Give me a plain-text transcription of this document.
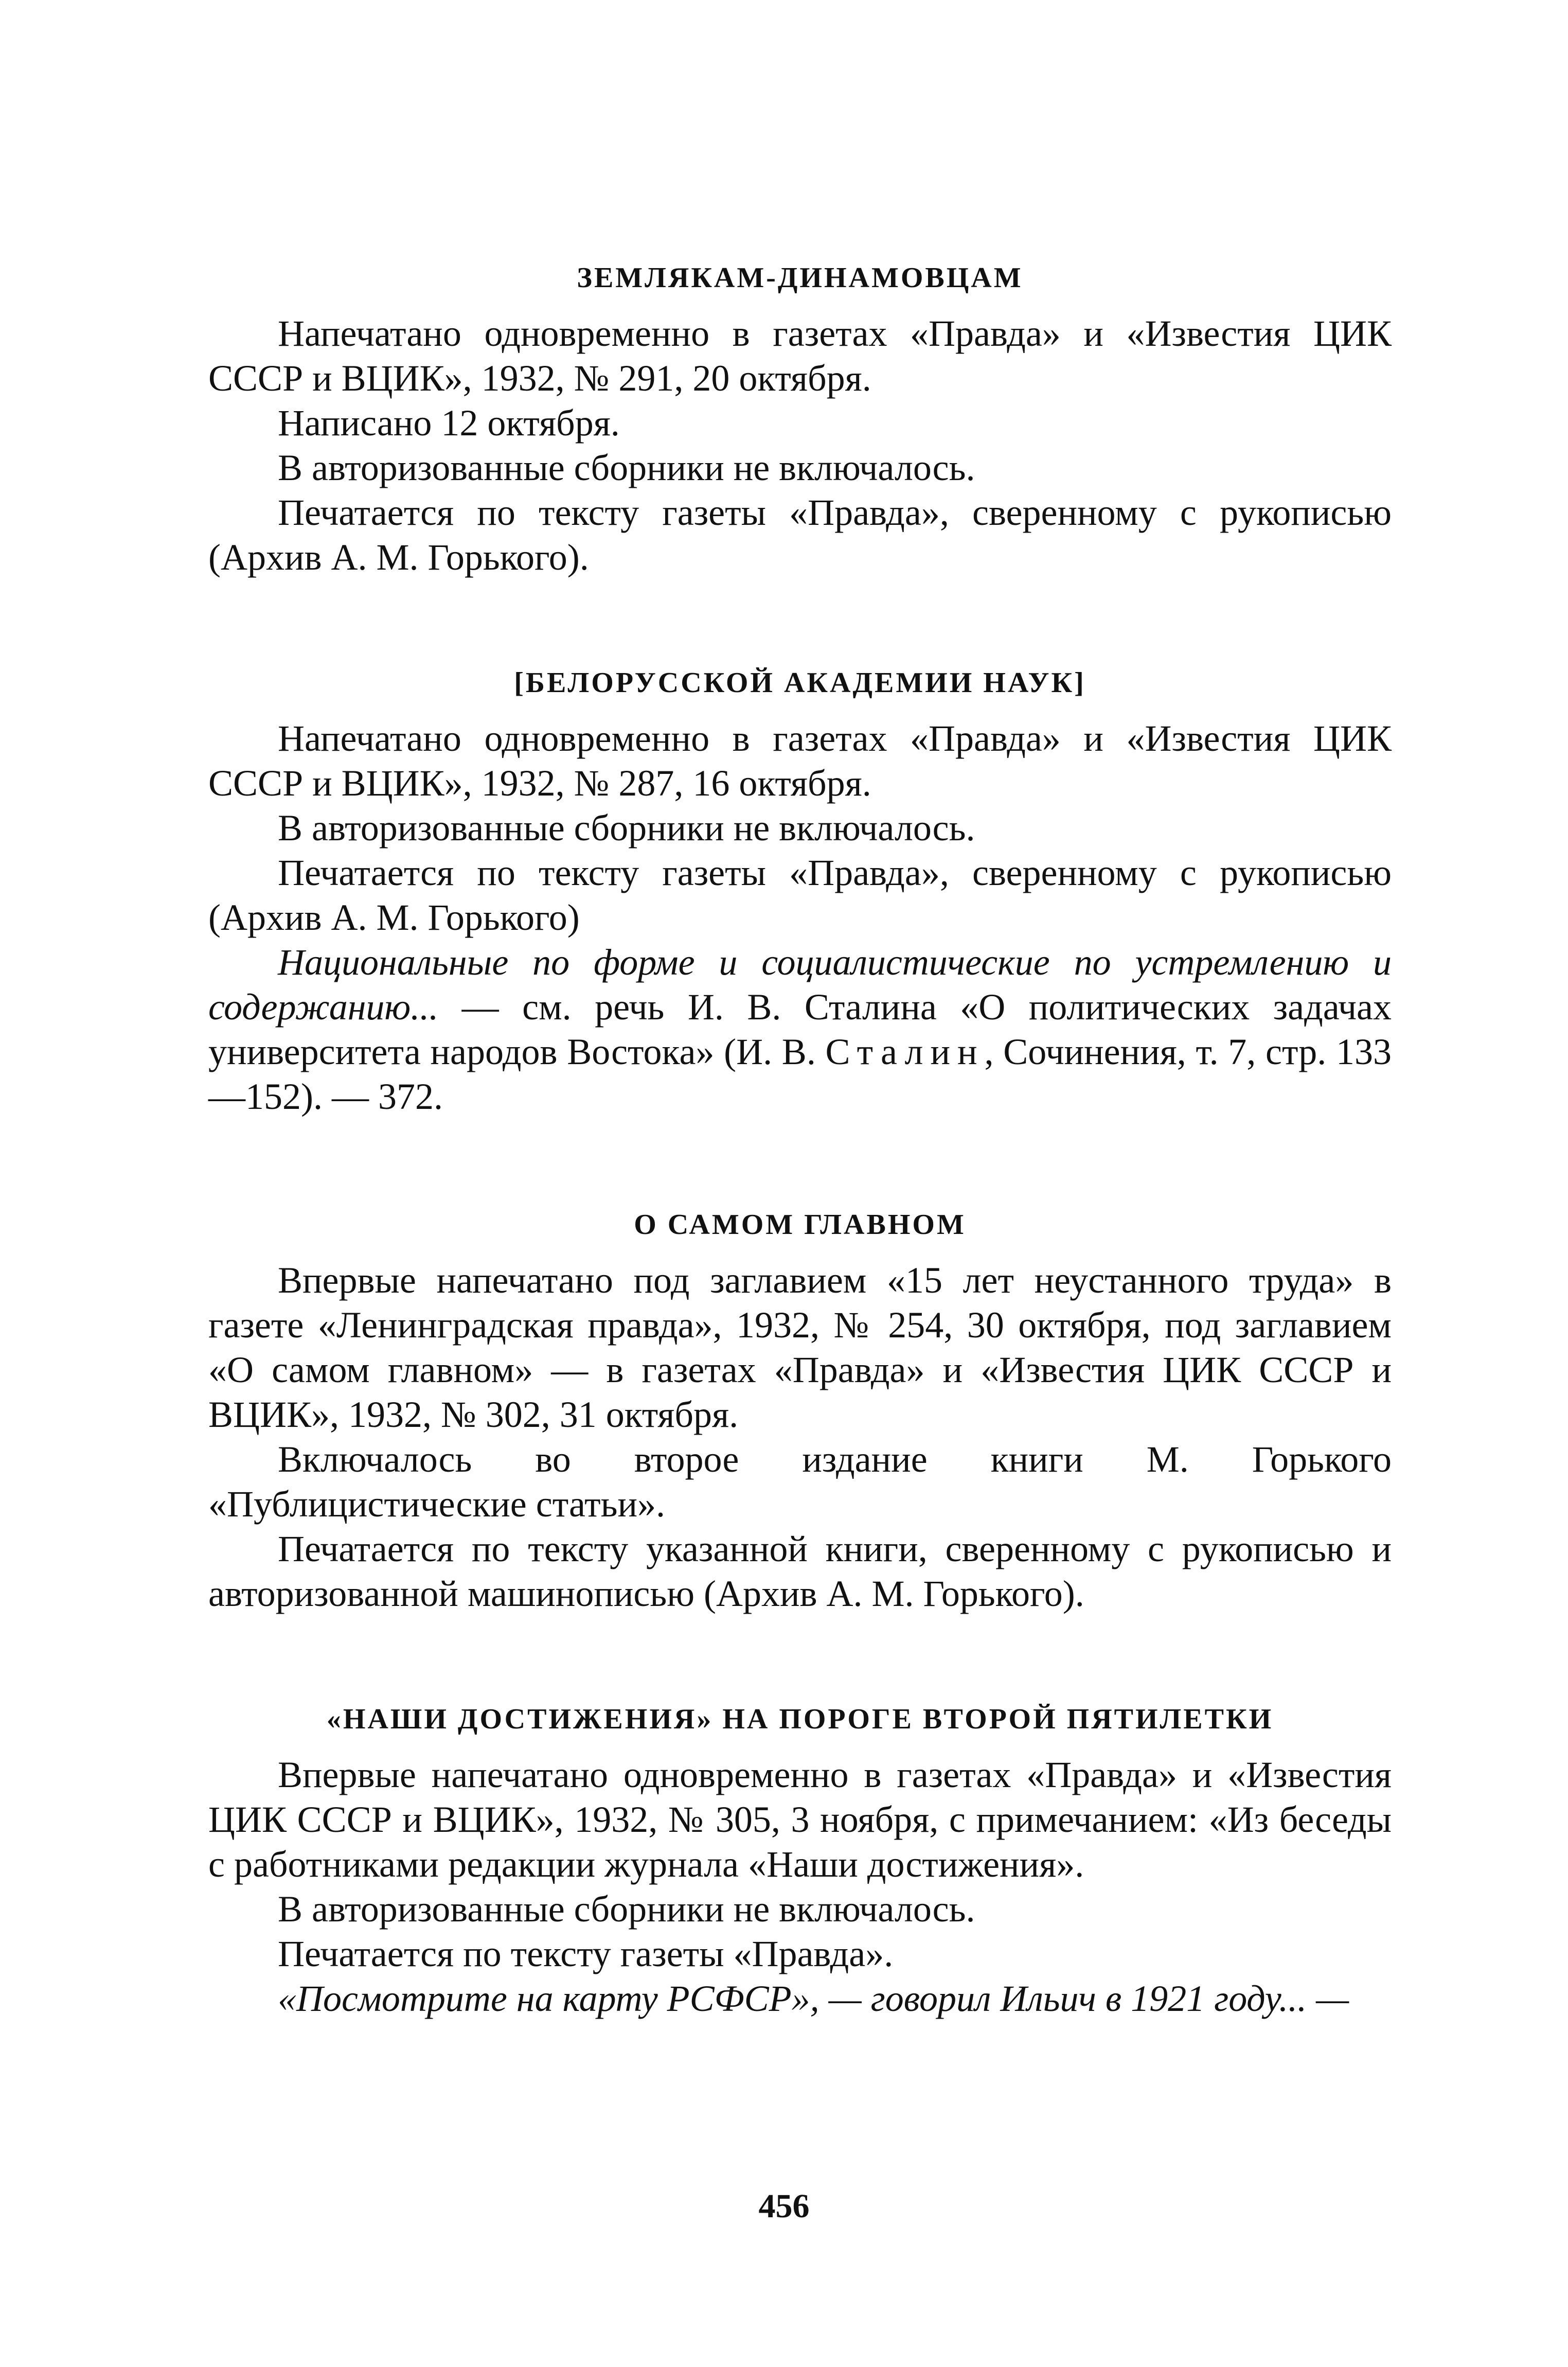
ЗЕМЛЯКАМ-ДИНАМОВЦАМ

Напечатано одновременно в газетах «Правда» и «Известия ЦИК СССР и ВЦИК», 1932, № 291, 20 октября.

Написано 12 октября.

В авторизованные сборники не включалось.

Печатается по тексту газеты «Правда», сверенному с рукописью (Архив А. М. Горького).

[БЕЛОРУССКОЙ АКАДЕМИИ НАУК]

Напечатано одновременно в газетах «Правда» и «Известия ЦИК СССР и ВЦИК», 1932, № 287, 16 октября.

В авторизованные сборники не включалось.

Печатается по тексту газеты «Правда», сверенному с рукописью (Архив А. М. Горького)

Национальные по форме и социалистические по устремлению и содержанию... — см. речь И. В. Сталина «О политических задачах университета народов Востока» (И. В. Сталин, Сочинения, т. 7, стр. 133—152). — 372.

О САМОМ ГЛАВНОМ

Впервые напечатано под заглавием «15 лет неустанного труда» в газете «Ленинградская правда», 1932, № 254, 30 октября, под заглавием «О самом главном» — в газетах «Правда» и «Известия ЦИК СССР и ВЦИК», 1932, № 302, 31 октября.

Включалось во второе издание книги М. Горького «Публицистические статьи».

Печатается по тексту указанной книги, сверенному с рукописью и авторизованной машинописью (Архив А. М. Горького).

«НАШИ ДОСТИЖЕНИЯ» НА ПОРОГЕ ВТОРОЙ ПЯТИЛЕТКИ

Впервые напечатано одновременно в газетах «Правда» и «Известия ЦИК СССР и ВЦИК», 1932, № 305, 3 ноября, с примечанием: «Из беседы с работниками редакции журнала «Наши достижения».

В авторизованные сборники не включалось.

Печатается по тексту газеты «Правда».

«Посмотрите на карту РСФСР», — говорил Ильич в 1921 году... —

456
